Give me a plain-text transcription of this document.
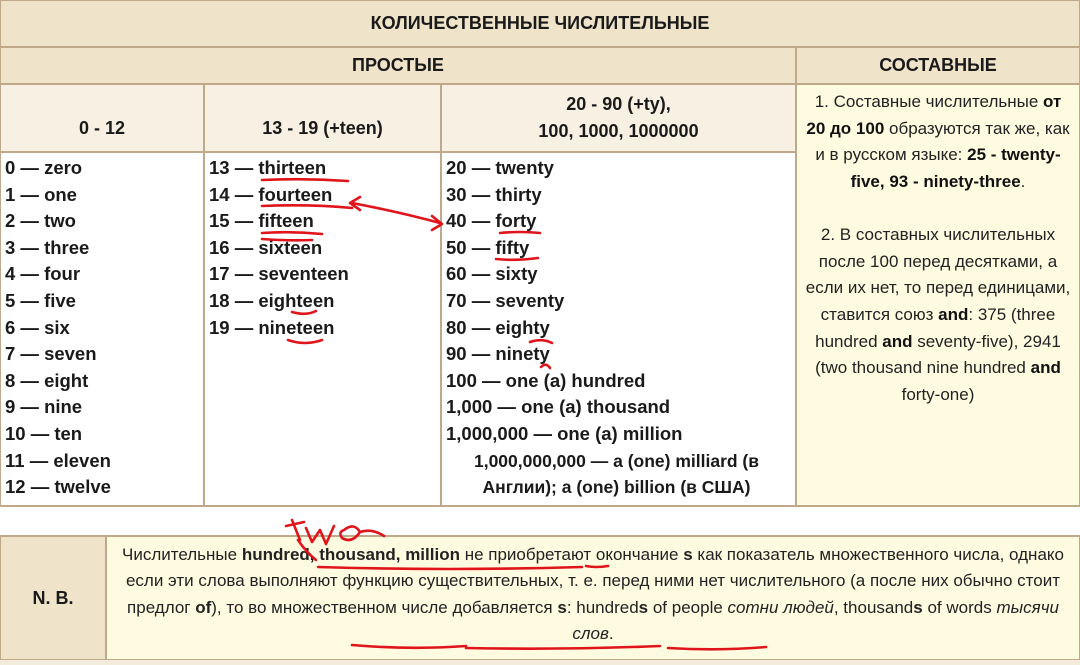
КОЛИЧЕСТВЕННЫЕ ЧИСЛИТЕЛЬНЫЕ
ПРОСТЫЕ	СОСТАВНЫЕ
0 - 12	13 - 19 (+teen)
20 - 90 (+ty),
100, 1000, 1000000
0 — zero
1 — one
2 — two
3 — three
4 — four
5 — five
6 — six
7 — seven
8 — eight
9 — nine
10 — ten
11 — eleven
12 — twelve
13 — thirteen
14 — fourteen
15 — fifteen
16 — sixteen
17 — seventeen
18 — eighteen
19 — nineteen
20 — twenty
30 — thirty
40 — forty
50 — fifty
60 — sixty
70 — seventy
80 — eighty
90 — ninety
100 — one (a) hundred
1,000 — one (a) thousand
1,000,000 — one (a) million
1,000,000,000 — a (one) milliard (в
Англии); а (one) billion (в США)
1. Составные числительные от 20 до 100 образуются так же, как и в русском языке: 25 - twenty-five, 93 - ninety-three.
2. В составных числительных после 100 перед десятками, а если их нет, то перед единицами, ставится союз and: 375 (three hundred and seventy-five), 2941 (two thousand nine hundred and forty-one)
N. B.
Числительные hundred, thousand, million не приобретают окончание s как показатель множественного числа, однако если эти слова выполняют функцию существительных, т. е. перед ними нет числительного (а после них обычно стоит предлог of), то во множественном числе добавляется s: hundreds of people сотни людей, thousands of words тысячи слов.
